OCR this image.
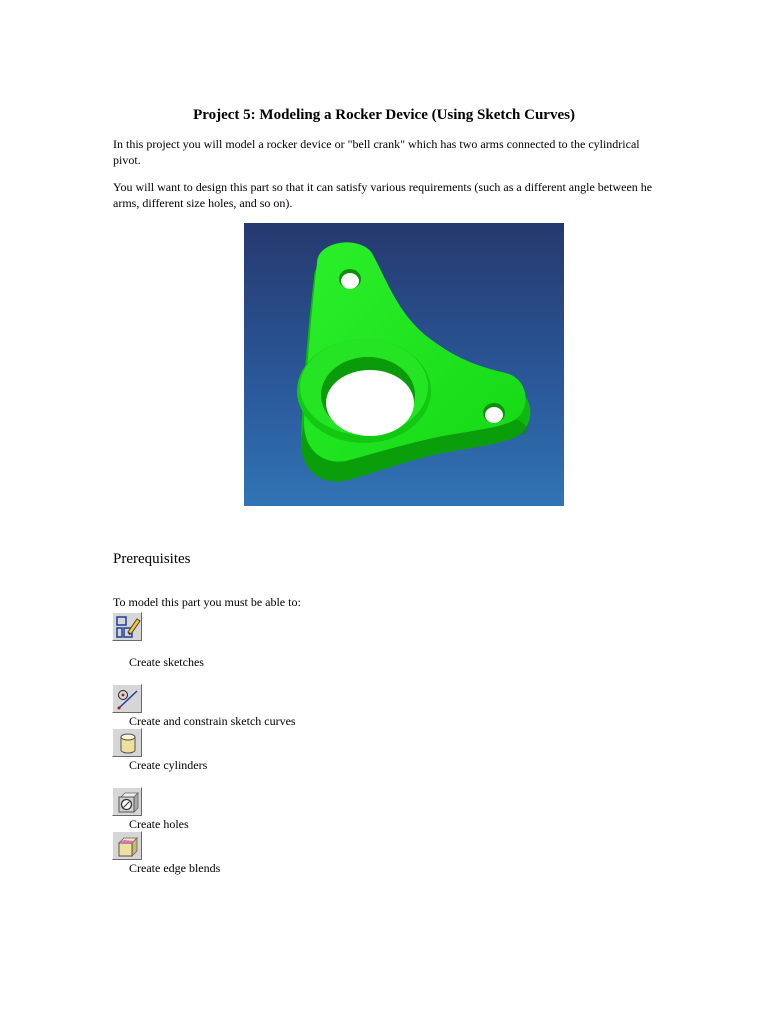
Project 5: Modeling a Rocker Device (Using Sketch Curves)

In this project you will model a rocker device or "bell crank" which has two arms connected to the cylindrical pivot.

You will want to design this part so that it can satisfy various requirements (such as a different angle between he arms, different size holes, and so on).

Prerequisites

To model this part you must be able to:

Create sketches
Create and constrain sketch curves
Create cylinders
Create holes
Create edge blends
